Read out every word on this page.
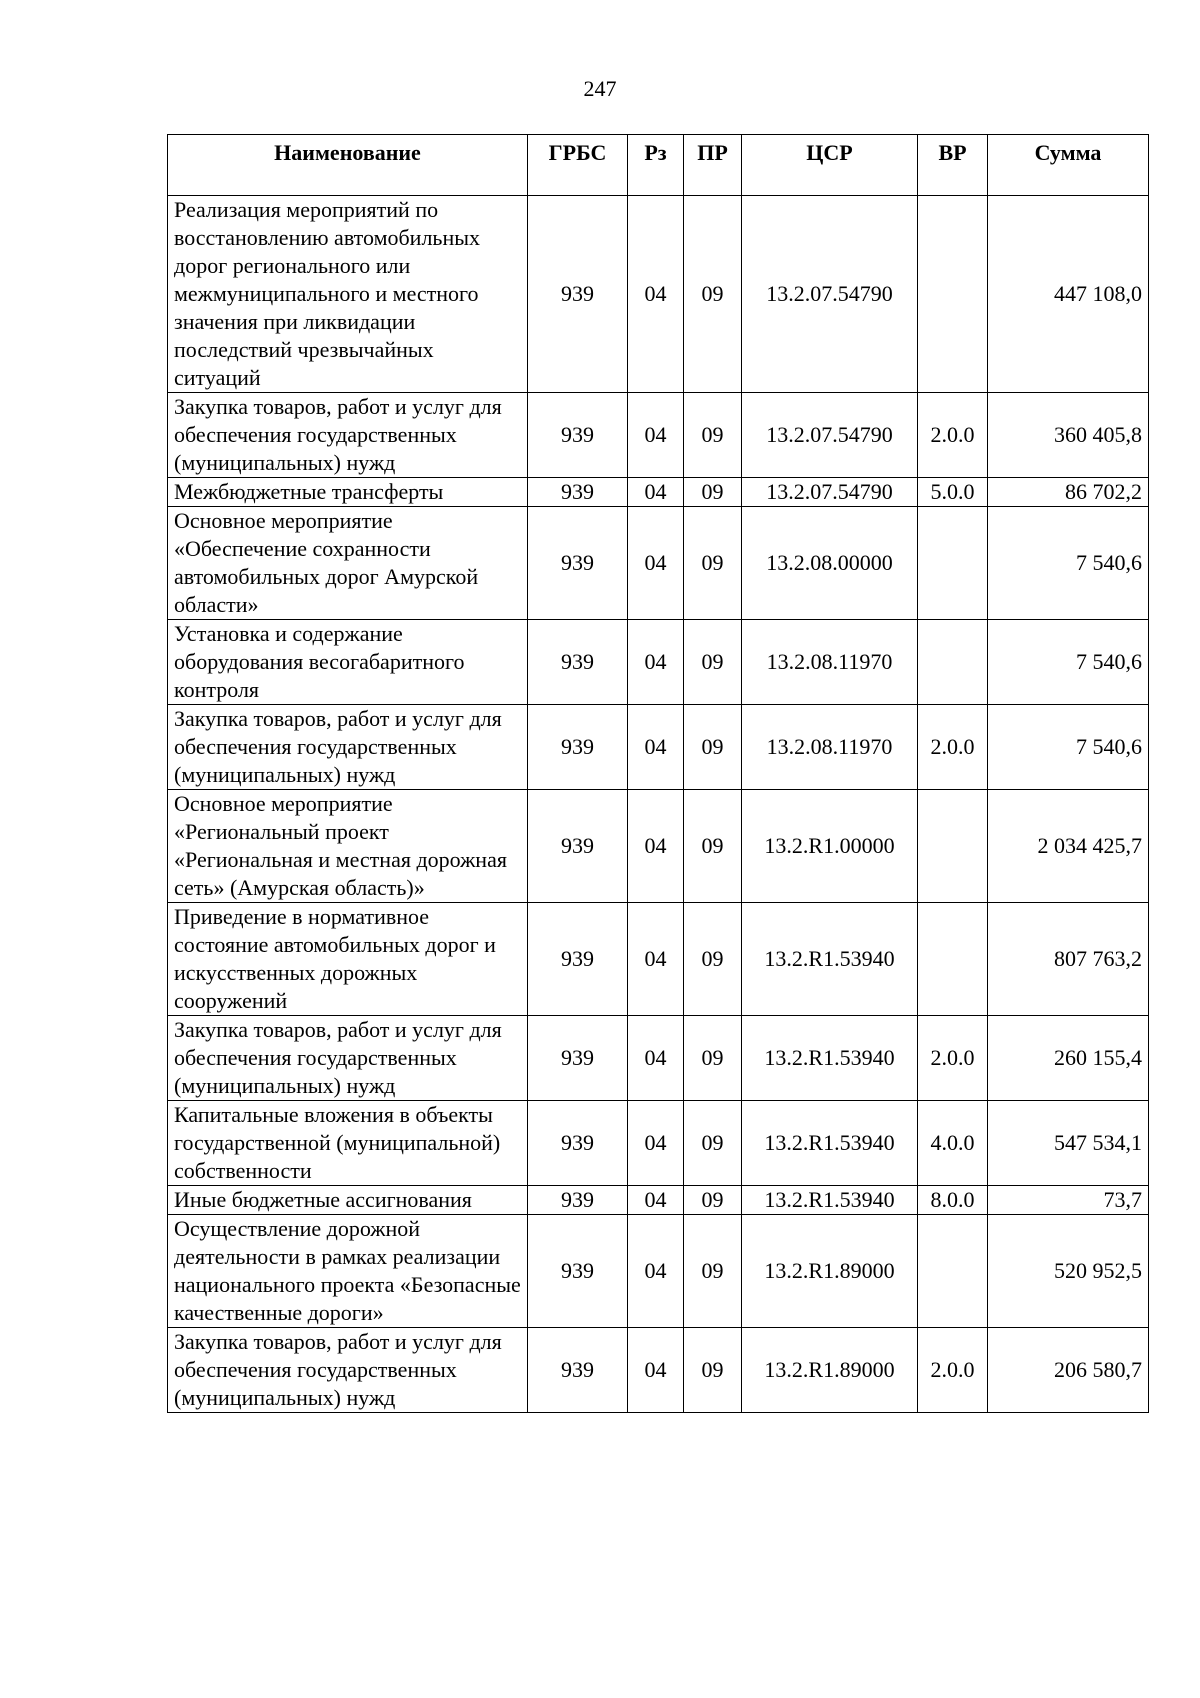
247
Наименование	ГРБС	Рз	ПР	ЦСР	ВР	Сумма
Реализация мероприятий по восстановлению автомобильных дорог регионального или межмуниципального и местного значения при ликвидации последствий чрезвычайных ситуаций	939	04	09	13.2.07.54790		447 108,0
Закупка товаров, работ и услуг для обеспечения государственных (муниципальных) нужд	939	04	09	13.2.07.54790	2.0.0	360 405,8
Межбюджетные трансферты	939	04	09	13.2.07.54790	5.0.0	86 702,2
Основное мероприятие «Обеспечение сохранности автомобильных дорог Амурской области»	939	04	09	13.2.08.00000		7 540,6
Установка и содержание оборудования весогабаритного контроля	939	04	09	13.2.08.11970		7 540,6
Закупка товаров, работ и услуг для обеспечения государственных (муниципальных) нужд	939	04	09	13.2.08.11970	2.0.0	7 540,6
Основное мероприятие «Региональный проект «Региональная и местная дорожная сеть» (Амурская область)»	939	04	09	13.2.R1.00000		2 034 425,7
Приведение в нормативное состояние автомобильных дорог и искусственных дорожных сооружений	939	04	09	13.2.R1.53940		807 763,2
Закупка товаров, работ и услуг для обеспечения государственных (муниципальных) нужд	939	04	09	13.2.R1.53940	2.0.0	260 155,4
Капитальные вложения в объекты государственной (муниципальной) собственности	939	04	09	13.2.R1.53940	4.0.0	547 534,1
Иные бюджетные ассигнования	939	04	09	13.2.R1.53940	8.0.0	73,7
Осуществление дорожной деятельности в рамках реализации национального проекта «Безопасные качественные дороги»	939	04	09	13.2.R1.89000		520 952,5
Закупка товаров, работ и услуг для обеспечения государственных (муниципальных) нужд	939	04	09	13.2.R1.89000	2.0.0	206 580,7
